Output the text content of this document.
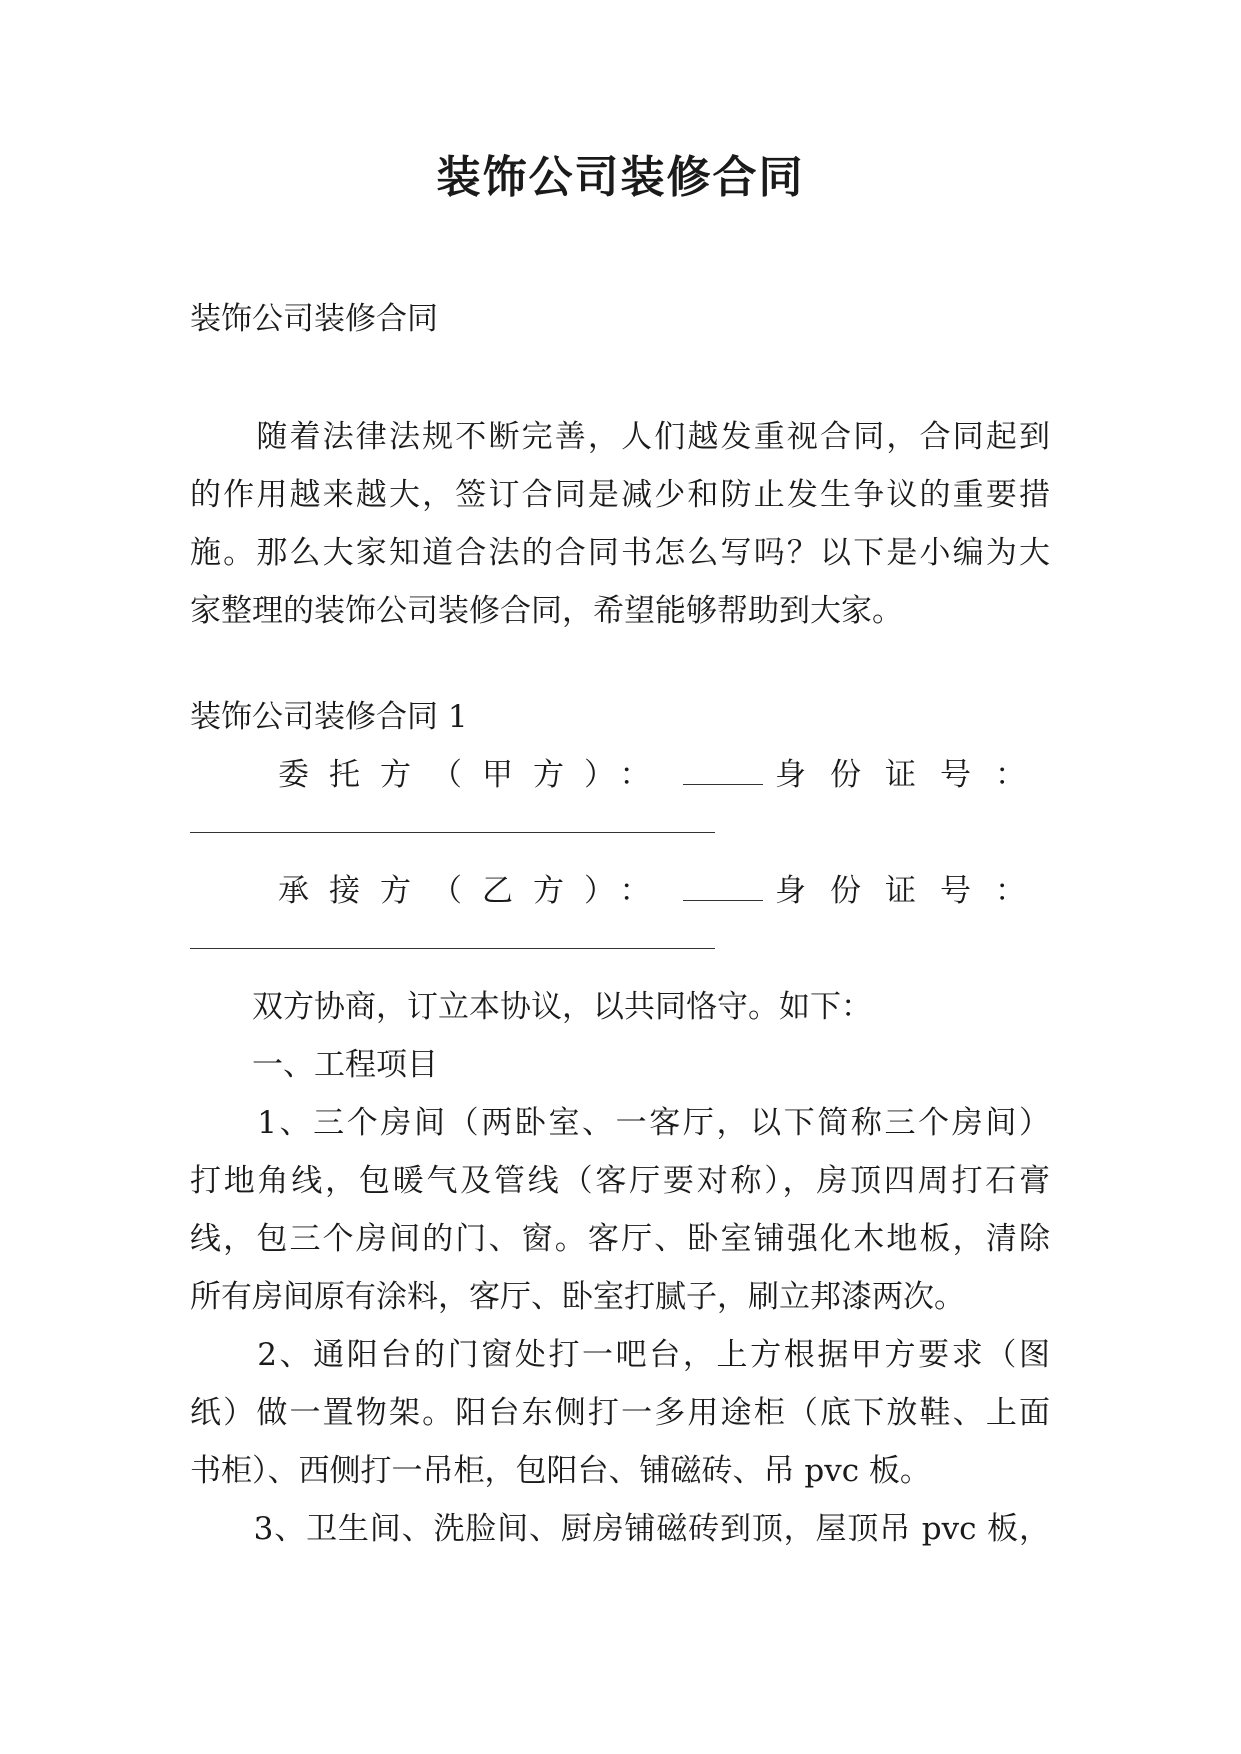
装饰公司装修合同

装饰公司装修合同

　　随着法律法规不断完善，人们越发重视合同，合同起到

的作用越来越大，签订合同是减少和防止发生争议的重要措

施。那么大家知道合法的合同书怎么写吗？以下是小编为大

家整理的装饰公司装修合同，希望能够帮助到大家。

装饰公司装修合同 1

委托方（甲方）：	身份证号：
承接方（乙方）：	身份证号：

　　双方协商，订立本协议，以共同恪守。如下：

　　一、工程项目

　　1、三个房间（两卧室、一客厅，以下简称三个房间）

打地角线，包暖气及管线（客厅要对称），房顶四周打石膏

线，包三个房间的门、窗。客厅、卧室铺强化木地板，清除

所有房间原有涂料，客厅、卧室打腻子，刷立邦漆两次。

　　2、通阳台的门窗处打一吧台，上方根据甲方要求（图

纸）做一置物架。阳台东侧打一多用途柜（底下放鞋、上面

书柜）、西侧打一吊柜，包阳台、铺磁砖、吊 pvc 板。

　　3、卫生间、洗脸间、厨房铺磁砖到顶，屋顶吊 pvc 板，
